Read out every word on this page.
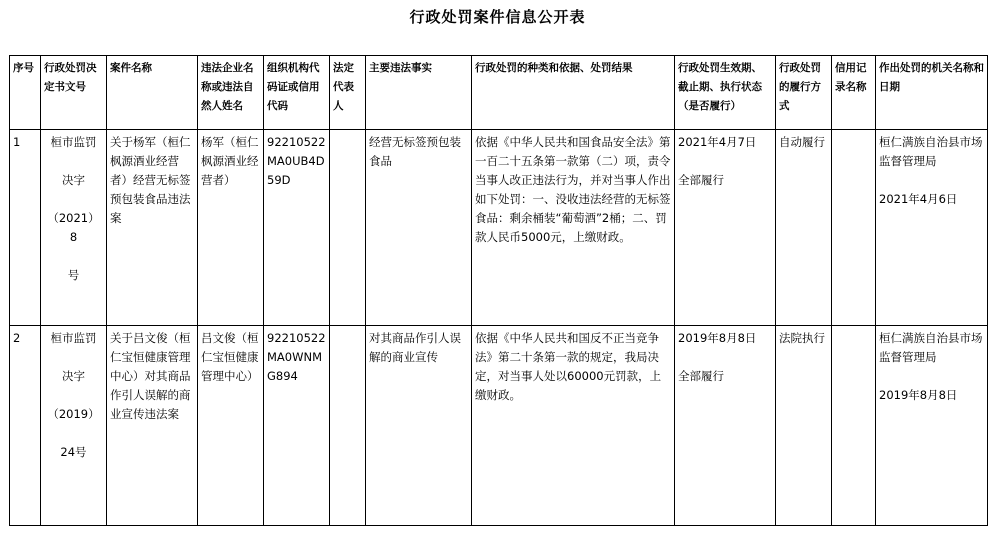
行政处罚案件信息公开表
序号	行政处罚决定书文号	案件名称	违法企业名称或违法自然人姓名	组织机构代码证或信用代码	法定代表人	主要违法事实	行政处罚的种类和依据、处罚结果	行政处罚生效期、截止期、执行状态（是否履行）	行政处罚的履行方式	信用记录名称	作出处罚的机关名称和日期
1	桓市监罚
决字
（2021）8
号	关于杨军（桓仁枫源酒业经营者）经营无标签预包装食品违法案	杨军（桓仁枫源酒业经营者）	92210522MA0UB4D59D		经营无标签预包装食品	依据《中华人民共和国食品安全法》第一百二十五条第一款第（二）项，责令当事人改正违法行为，并对当事人作出如下处罚：一、没收违法经营的无标签食品：剩余桶装“葡萄酒”2桶；二、罚款人民币5000元，上缴财政。	2021年4月7日
全部履行	自动履行		桓仁满族自治县市场监督管理局
2021年4月6日
2	桓市监罚
决字
（2019）
24号	关于吕文俊（桓仁宝恒健康管理中心）对其商品作引人误解的商业宣传违法案	吕文俊（桓仁宝恒健康管理中心）	92210522MA0WNMG894		对其商品作引人误解的商业宣传	依据《中华人民共和国反不正当竞争法》第二十条第一款的规定，我局决定，对当事人处以60000元罚款，上缴财政。	2019年8月8日
全部履行	法院执行		桓仁满族自治县市场监督管理局
2019年8月8日
